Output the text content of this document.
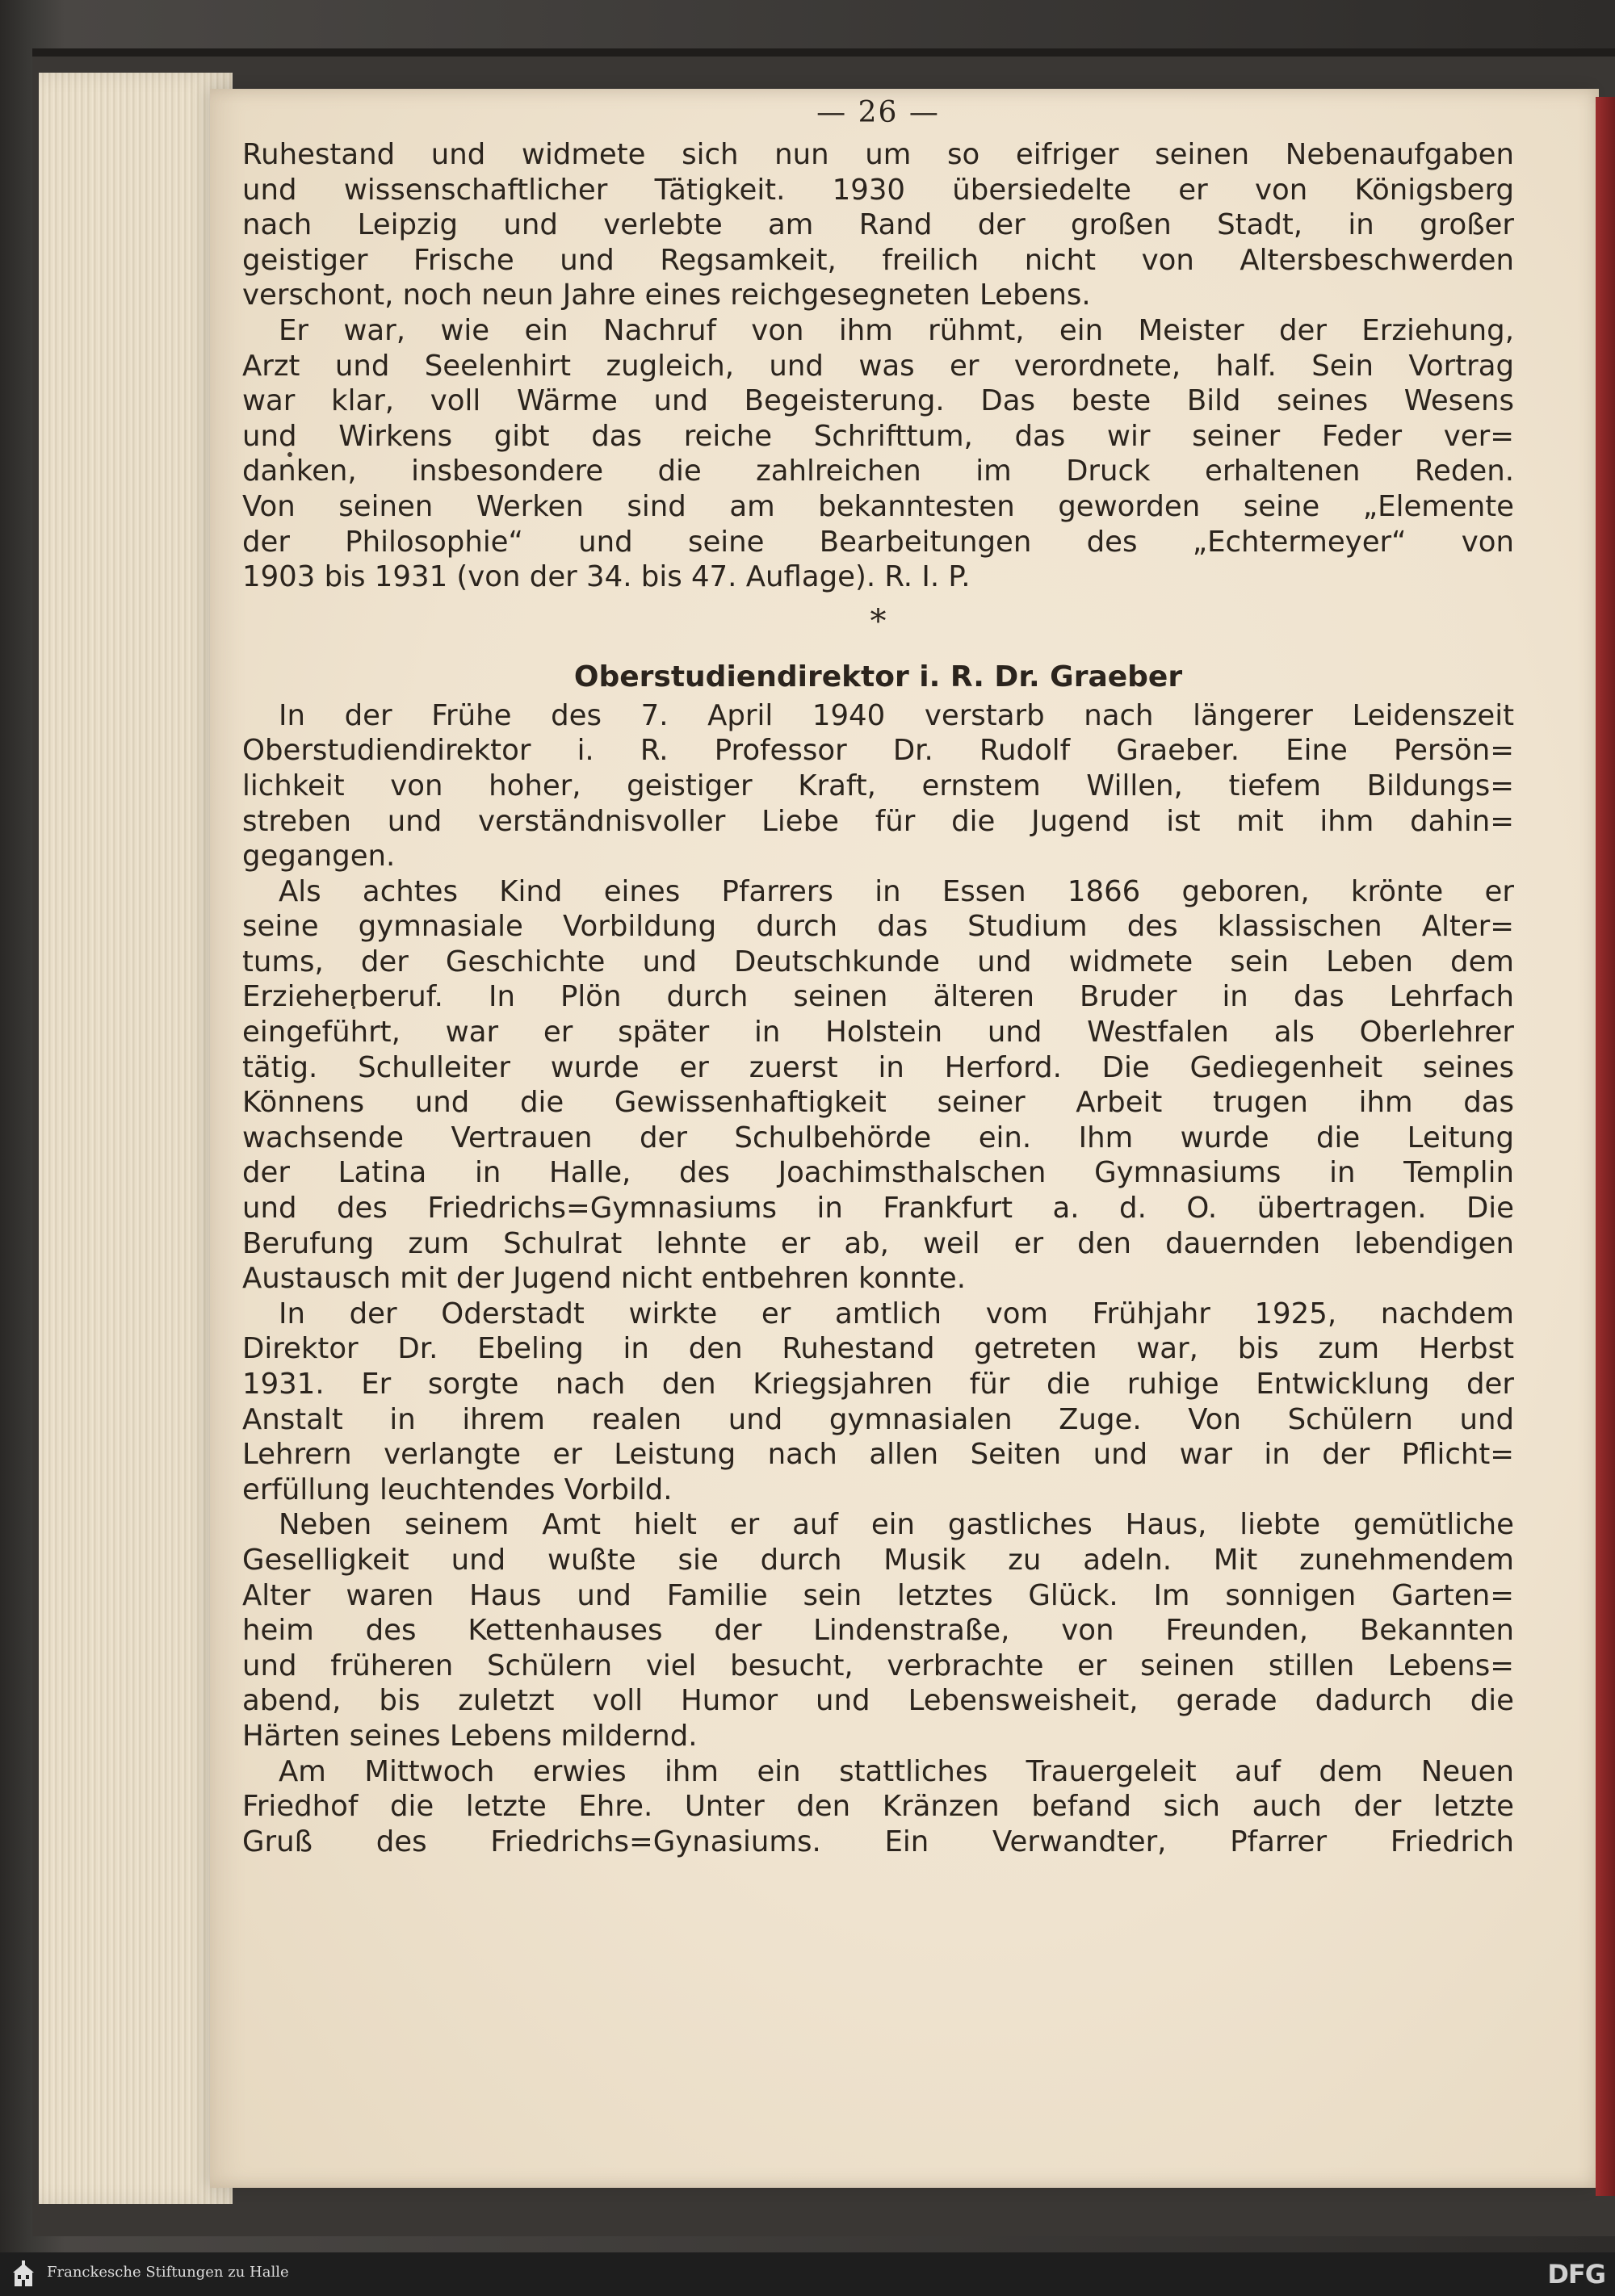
— 26 —
Ruhestand und widmete sich nun um so eifriger seinen Nebenaufgaben
und wissenschaftlicher Tätigkeit. 1930 übersiedelte er von Königsberg
nach Leipzig und verlebte am Rand der großen Stadt, in großer
geistiger Frische und Regsamkeit, freilich nicht von Altersbeschwerden
verschont, noch neun Jahre eines reichgesegneten Lebens.
Er war, wie ein Nachruf von ihm rühmt, ein Meister der Erziehung,
Arzt und Seelenhirt zugleich, und was er verordnete, half. Sein Vortrag
war klar, voll Wärme und Begeisterung. Das beste Bild seines Wesens
und Wirkens gibt das reiche Schrifttum, das wir seiner Feder ver=
danken, insbesondere die zahlreichen im Druck erhaltenen Reden.
Von seinen Werken sind am bekanntesten geworden seine „Elemente
der Philosophie“ und seine Bearbeitungen des „Echtermeyer“ von
1903 bis 1931 (von der 34. bis 47. Auflage). R. I. P.
*
Oberstudiendirektor i. R. Dr. Graeber
In der Frühe des 7. April 1940 verstarb nach längerer Leidenszeit
Oberstudiendirektor i. R. Professor Dr. Rudolf Graeber. Eine Persön=
lichkeit von hoher, geistiger Kraft, ernstem Willen, tiefem Bildungs=
streben und verständnisvoller Liebe für die Jugend ist mit ihm dahin=
gegangen.
Als achtes Kind eines Pfarrers in Essen 1866 geboren, krönte er
seine gymnasiale Vorbildung durch das Studium des klassischen Alter=
tums, der Geschichte und Deutschkunde und widmete sein Leben dem
Erzieherberuf. In Plön durch seinen älteren Bruder in das Lehrfach
eingeführt, war er später in Holstein und Westfalen als Oberlehrer
tätig. Schulleiter wurde er zuerst in Herford. Die Gediegenheit seines
Könnens und die Gewissenhaftigkeit seiner Arbeit trugen ihm das
wachsende Vertrauen der Schulbehörde ein. Ihm wurde die Leitung
der Latina in Halle, des Joachimsthalschen Gymnasiums in Templin
und des Friedrichs=Gymnasiums in Frankfurt a. d. O. übertragen. Die
Berufung zum Schulrat lehnte er ab, weil er den dauernden lebendigen
Austausch mit der Jugend nicht entbehren konnte.
In der Oderstadt wirkte er amtlich vom Frühjahr 1925, nachdem
Direktor Dr. Ebeling in den Ruhestand getreten war, bis zum Herbst
1931. Er sorgte nach den Kriegsjahren für die ruhige Entwicklung der
Anstalt in ihrem realen und gymnasialen Zuge. Von Schülern und
Lehrern verlangte er Leistung nach allen Seiten und war in der Pflicht=
erfüllung leuchtendes Vorbild.
Neben seinem Amt hielt er auf ein gastliches Haus, liebte gemütliche
Geselligkeit und wußte sie durch Musik zu adeln. Mit zunehmendem
Alter waren Haus und Familie sein letztes Glück. Im sonnigen Garten=
heim des Kettenhauses der Lindenstraße, von Freunden, Bekannten
und früheren Schülern viel besucht, verbrachte er seinen stillen Lebens=
abend, bis zuletzt voll Humor und Lebensweisheit, gerade dadurch die
Härten seines Lebens mildernd.
Am Mittwoch erwies ihm ein stattliches Trauergeleit auf dem Neuen
Friedhof die letzte Ehre. Unter den Kränzen befand sich auch der letzte
Gruß des Friedrichs=Gynasiums. Ein Verwandter, Pfarrer Friedrich
Franckesche Stiftungen zu Halle	DFG
